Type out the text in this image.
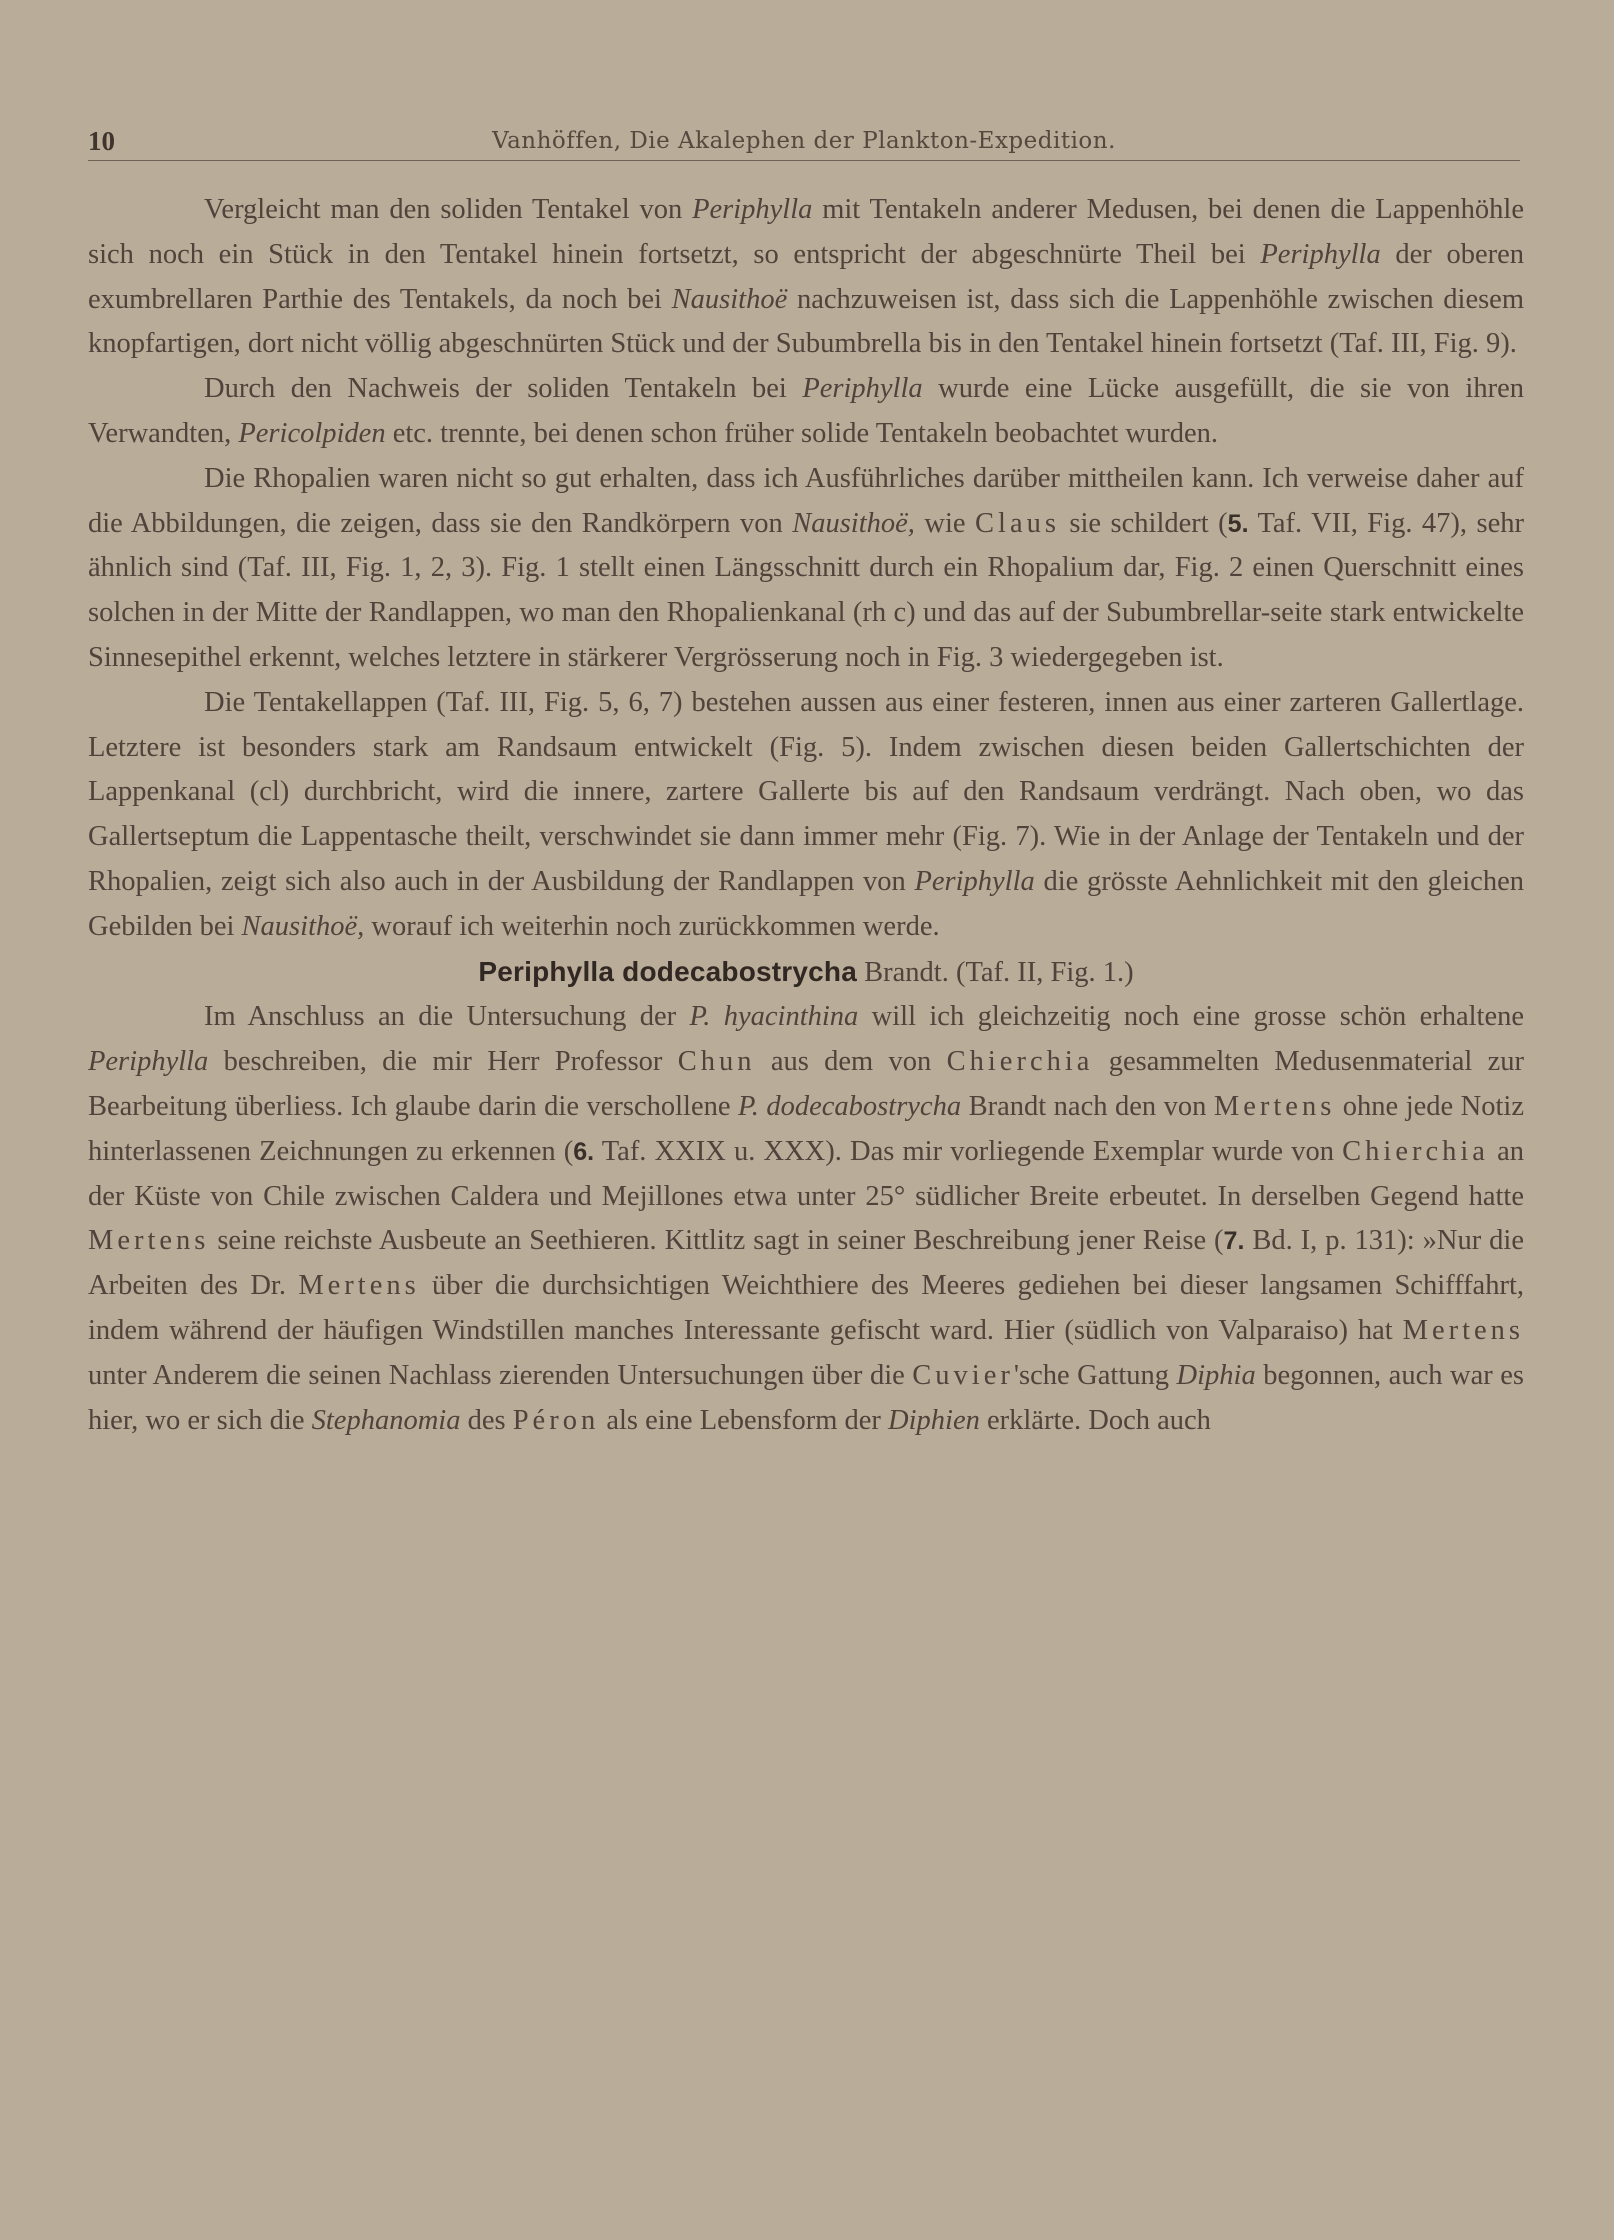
10	Vanhöffen, Die Akalephen der Plankton-Expedition.

Vergleicht man den soliden Tentakel von Periphylla mit Tentakeln anderer Medusen, bei denen die Lappenhöhle sich noch ein Stück in den Tentakel hinein fortsetzt, so entspricht der abgeschnürte Theil bei Periphylla der oberen exumbrellaren Parthie des Tentakels, da noch bei Nausithoë nachzuweisen ist, dass sich die Lappenhöhle zwischen diesem knopfartigen, dort nicht völlig abgeschnürten Stück und der Subumbrella bis in den Tentakel hinein fortsetzt (Taf. III, Fig. 9).

Durch den Nachweis der soliden Tentakeln bei Periphylla wurde eine Lücke ausgefüllt, die sie von ihren Verwandten, Pericolpiden etc. trennte, bei denen schon früher solide Tentakeln beobachtet wurden.

Die Rhopalien waren nicht so gut erhalten, dass ich Ausführliches darüber mittheilen kann. Ich verweise daher auf die Abbildungen, die zeigen, dass sie den Randkörpern von Nausithoë, wie Claus sie schildert (5. Taf. VII, Fig. 47), sehr ähnlich sind (Taf. III, Fig. 1, 2, 3). Fig. 1 stellt einen Längsschnitt durch ein Rhopalium dar, Fig. 2 einen Querschnitt eines solchen in der Mitte der Randlappen, wo man den Rhopalienkanal (rh c) und das auf der Subumbrellar-seite stark entwickelte Sinnesepithel erkennt, welches letztere in stärkerer Vergrösserung noch in Fig. 3 wiedergegeben ist.

Die Tentakellappen (Taf. III, Fig. 5, 6, 7) bestehen aussen aus einer festeren, innen aus einer zarteren Gallertlage. Letztere ist besonders stark am Randsaum entwickelt (Fig. 5). Indem zwischen diesen beiden Gallertschichten der Lappenkanal (cl) durchbricht, wird die innere, zartere Gallerte bis auf den Randsaum verdrängt. Nach oben, wo das Gallertseptum die Lappentasche theilt, verschwindet sie dann immer mehr (Fig. 7). Wie in der Anlage der Tentakeln und der Rhopalien, zeigt sich also auch in der Ausbildung der Randlappen von Periphylla die grösste Aehnlichkeit mit den gleichen Gebilden bei Nausithoë, worauf ich weiterhin noch zurückkommen werde.

Periphylla dodecabostrycha Brandt. (Taf. II, Fig. 1.)

Im Anschluss an die Untersuchung der P. hyacinthina will ich gleichzeitig noch eine grosse schön erhaltene Periphylla beschreiben, die mir Herr Professor Chun aus dem von Chierchia gesammelten Medusenmaterial zur Bearbeitung überliess. Ich glaube darin die verschollene P. dodecabostrycha Brandt nach den von Mertens ohne jede Notiz hinterlassenen Zeichnungen zu erkennen (6. Taf. XXIX u. XXX). Das mir vorliegende Exemplar wurde von Chierchia an der Küste von Chile zwischen Caldera und Mejillones etwa unter 25° südlicher Breite erbeutet. In derselben Gegend hatte Mertens seine reichste Ausbeute an Seethieren. Kittlitz sagt in seiner Beschreibung jener Reise (7. Bd. I, p. 131): »Nur die Arbeiten des Dr. Mertens über die durchsichtigen Weichthiere des Meeres gediehen bei dieser langsamen Schifffahrt, indem während der häufigen Windstillen manches Interessante gefischt ward. Hier (südlich von Valparaiso) hat Mertens unter Anderem die seinen Nachlass zierenden Untersuchungen über die Cuvier'sche Gattung Diphia begonnen, auch war es hier, wo er sich die Stephanomia des Péron als eine Lebensform der Diphien erklärte. Doch auch
